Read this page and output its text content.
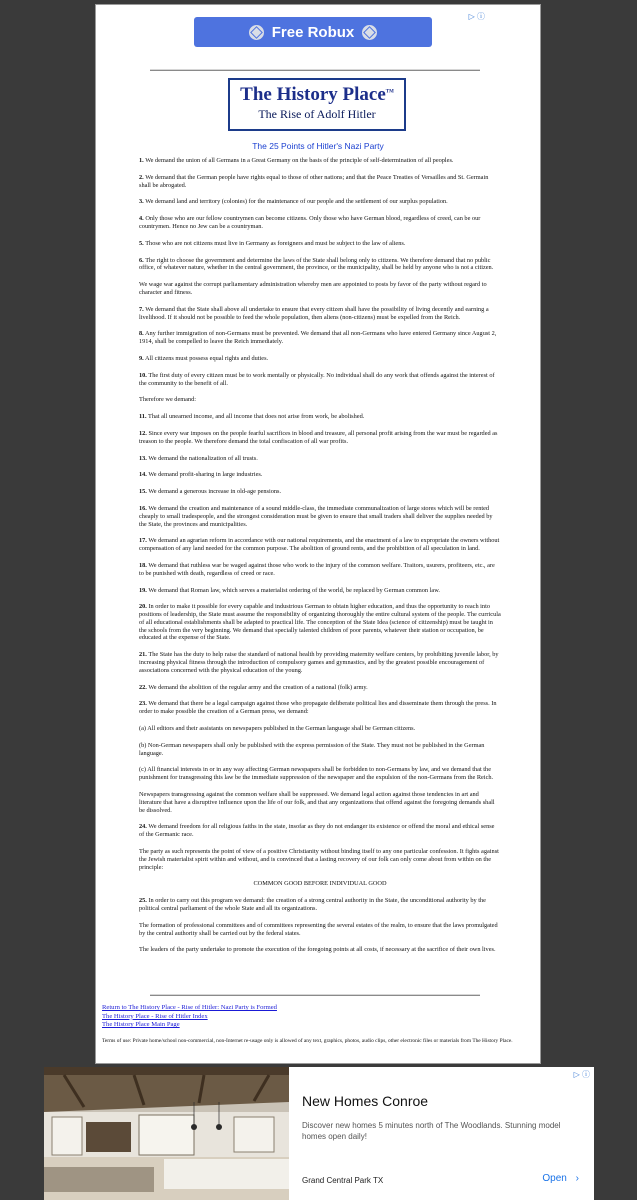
Free Robux
▷ ⓘ
The History Place™
The Rise of Adolf Hitler
The 25 Points of Hitler's Nazi Party

1. We demand the union of all Germans in a Great Germany on the basis of the principle of self-determination of all peoples.

2. We demand that the German people have rights equal to those of other nations; and that the Peace Treaties of Versailles and St. Germain shall be abrogated.

3. We demand land and territory (colonies) for the maintenance of our people and the settlement of our surplus population.

4. Only those who are our fellow countrymen can become citizens. Only those who have German blood, regardless of creed, can be our countrymen. Hence no Jew can be a countryman.

5. Those who are not citizens must live in Germany as foreigners and must be subject to the law of aliens.

6. The right to choose the government and determine the laws of the State shall belong only to citizens. We therefore demand that no public office, of whatever nature, whether in the central government, the province, or the municipality, shall be held by anyone who is not a citizen.

We wage war against the corrupt parliamentary administration whereby men are appointed to posts by favor of the party without regard to character and fitness.

7. We demand that the State shall above all undertake to ensure that every citizen shall have the possibility of living decently and earning a livelihood. If it should not be possible to feed the whole population, then aliens (non-citizens) must be expelled from the Reich.

8. Any further immigration of non-Germans must be prevented. We demand that all non-Germans who have entered Germany since August 2, 1914, shall be compelled to leave the Reich immediately.

9. All citizens must possess equal rights and duties.

10. The first duty of every citizen must be to work mentally or physically. No individual shall do any work that offends against the interest of the community to the benefit of all.

Therefore we demand:

11. That all unearned income, and all income that does not arise from work, be abolished.

12. Since every war imposes on the people fearful sacrifices in blood and treasure, all personal profit arising from the war must be regarded as treason to the people. We therefore demand the total confiscation of all war profits.

13. We demand the nationalization of all trusts.

14. We demand profit-sharing in large industries.

15. We demand a generous increase in old-age pensions.

16. We demand the creation and maintenance of a sound middle-class, the immediate communalization of large stores which will be rented cheaply to small tradespeople, and the strongest consideration must be given to ensure that small traders shall deliver the supplies needed by the State, the provinces and municipalities.

17. We demand an agrarian reform in accordance with our national requirements, and the enactment of a law to expropriate the owners without compensation of any land needed for the common purpose. The abolition of ground rents, and the prohibition of all speculation in land.

18. We demand that ruthless war be waged against those who work to the injury of the common welfare. Traitors, usurers, profiteers, etc., are to be punished with death, regardless of creed or race.

19. We demand that Roman law, which serves a materialist ordering of the world, be replaced by German common law.

20. In order to make it possible for every capable and industrious German to obtain higher education, and thus the opportunity to reach into positions of leadership, the State must assume the responsibility of organizing thoroughly the entire cultural system of the people. The curricula of all educational establishments shall be adapted to practical life. The conception of the State Idea (science of citizenship) must be taught in the schools from the very beginning. We demand that specially talented children of poor parents, whatever their station or occupation, be educated at the expense of the State.

21. The State has the duty to help raise the standard of national health by providing maternity welfare centers, by prohibiting juvenile labor, by increasing physical fitness through the introduction of compulsory games and gymnastics, and by the greatest possible encouragement of associations concerned with the physical education of the young.

22. We demand the abolition of the regular army and the creation of a national (folk) army.

23. We demand that there be a legal campaign against those who propagate deliberate political lies and disseminate them through the press. In order to make possible the creation of a German press, we demand:

(a) All editors and their assistants on newspapers published in the German language shall be German citizens.

(b) Non-German newspapers shall only be published with the express permission of the State. They must not be published in the German language.

(c) All financial interests in or in any way affecting German newspapers shall be forbidden to non-Germans by law, and we demand that the punishment for transgressing this law be the immediate suppression of the newspaper and the expulsion of the non-Germans from the Reich.

Newspapers transgressing against the common welfare shall be suppressed. We demand legal action against those tendencies in art and literature that have a disruptive influence upon the life of our folk, and that any organizations that offend against the foregoing demands shall be dissolved.

24. We demand freedom for all religious faiths in the state, insofar as they do not endanger its existence or offend the moral and ethical sense of the Germanic race.

The party as such represents the point of view of a positive Christianity without binding itself to any one particular confession. It fights against the Jewish materialist spirit within and without, and is convinced that a lasting recovery of our folk can only come about from within on the principle:

COMMON GOOD BEFORE INDIVIDUAL GOOD

25. In order to carry out this program we demand: the creation of a strong central authority in the State, the unconditional authority by the political central parliament of the whole State and all its organizations.

The formation of professional committees and of committees representing the several estates of the realm, to ensure that the laws promulgated by the central authority shall be carried out by the federal states.

The leaders of the party undertake to promote the execution of the foregoing points at all costs, if necessary at the sacrifice of their own lives.

Return to The History Place - Rise of Hitler: Nazi Party is Formed
The History Place - Rise of Hitler Index
The History Place Main Page
Terms of use: Private home/school non-commercial, non-Internet re-usage only is allowed of any text, graphics, photos, audio clips, other electronic files or materials from The History Place.
New Homes Conroe
Discover new homes 5 minutes north of The Woodlands. Stunning model homes open daily!
Grand Central Park TX	Open ›
▷ ⓘ
